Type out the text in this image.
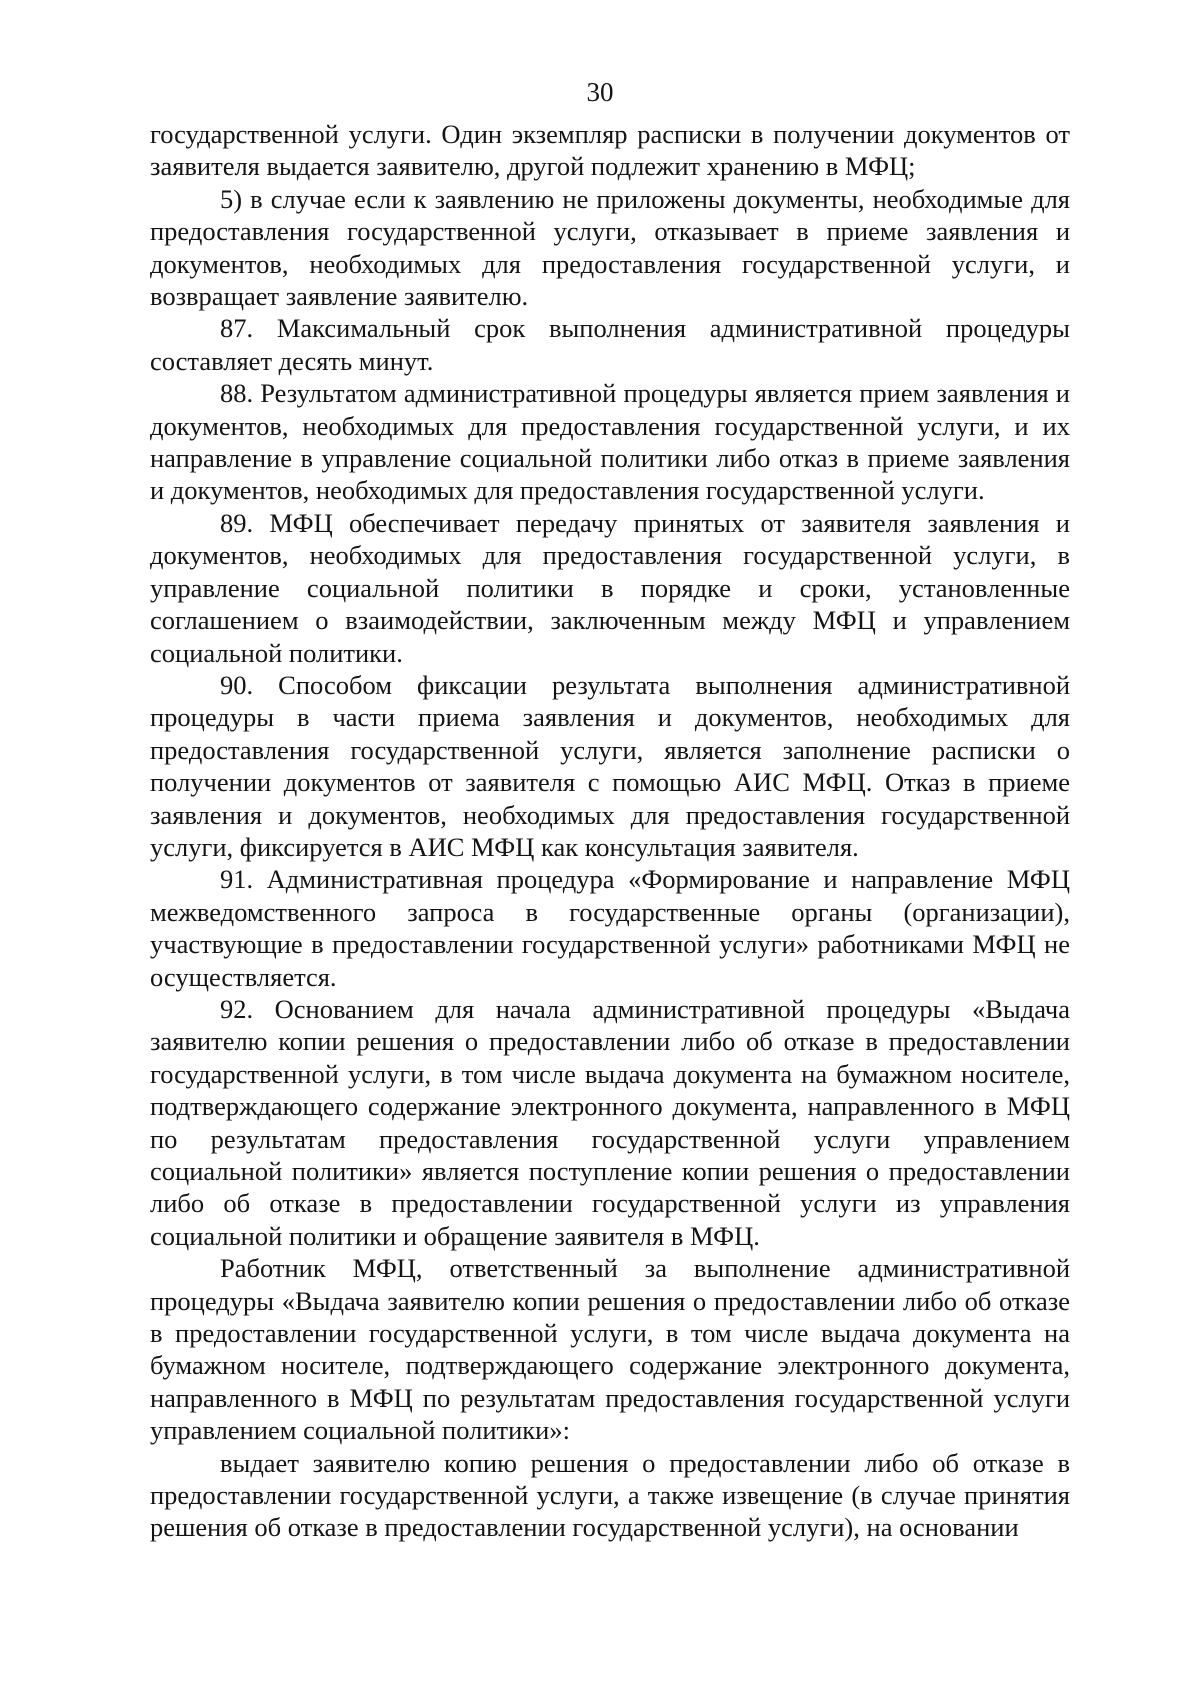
30

государственной услуги. Один экземпляр расписки в получении документов от заявителя выдается заявителю, другой подлежит хранению в МФЦ;

5) в случае если к заявлению не приложены документы, необходимые для предоставления государственной услуги, отказывает в приеме заявления и документов, необходимых для предоставления государственной услуги, и возвращает заявление заявителю.

87. Максимальный срок выполнения административной процедуры составляет десять минут.

88. Результатом административной процедуры является прием заявления и документов, необходимых для предоставления государственной услуги, и их направление в управление социальной политики либо отказ в приеме заявления и документов, необходимых для предоставления государственной услуги.

89. МФЦ обеспечивает передачу принятых от заявителя заявления и документов, необходимых для предоставления государственной услуги, в управление социальной политики в порядке и сроки, установленные соглашением о взаимодействии, заключенным между МФЦ и управлением социальной политики.

90. Способом фиксации результата выполнения административной процедуры в части приема заявления и документов, необходимых для предоставления государственной услуги, является заполнение расписки о получении документов от заявителя с помощью АИС МФЦ. Отказ в приеме заявления и документов, необходимых для предоставления государственной услуги, фиксируется в АИС МФЦ как консультация заявителя.

91. Административная процедура «Формирование и направление МФЦ межведомственного запроса в государственные органы (организации), участвующие в предоставлении государственной услуги» работниками МФЦ не осуществляется.

92. Основанием для начала административной процедуры «Выдача заявителю копии решения о предоставлении либо об отказе в предоставлении государственной услуги, в том числе выдача документа на бумажном носителе, подтверждающего содержание электронного документа, направленного в МФЦ по результатам предоставления государственной услуги управлением социальной политики» является поступление копии решения о предоставлении либо об отказе в предоставлении государственной услуги из управления социальной политики и обращение заявителя в МФЦ.

Работник МФЦ, ответственный за выполнение административной процедуры «Выдача заявителю копии решения о предоставлении либо об отказе в предоставлении государственной услуги, в том числе выдача документа на бумажном носителе, подтверждающего содержание электронного документа, направленного в МФЦ по результатам предоставления государственной услуги управлением социальной политики»:

выдает заявителю копию решения о предоставлении либо об отказе в предоставлении государственной услуги, а также извещение (в случае принятия решения об отказе в предоставлении государственной услуги), на основании
